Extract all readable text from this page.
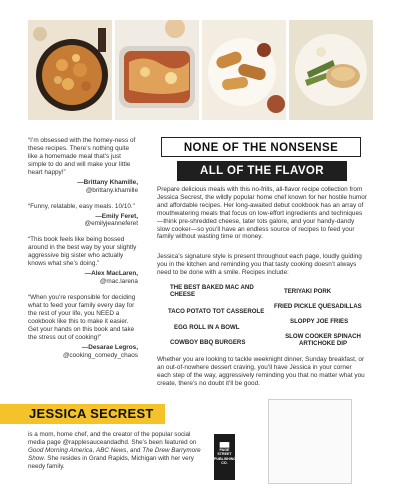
“I’m obsessed with the homey-ness of these recipes. There’s nothing quite like a homemade meal that’s just simple to do and will make your little heart happy!”

—Brittany Khamille,
@brittany.khamille

“Funny, relatable, easy meals. 10/10.”

—Emily Feret,
@emilyjeanneferet

“This book feels like being bossed around in the best way by your slightly aggressive big sister who actually knows what she’s doing.”

—Alex MacLaren,
@mac.larena

“When you’re responsible for deciding what to feed your family every day for the rest of your life, you NEED a cookbook like this to make it easier. Get your hands on this book and take the stress out of cooking!”

—Desarae Legros,
@cooking_comedy_chaos
NONE OF THE NONSENSE
ALL OF THE FLAVOR

Prepare delicious meals with this no-frills, all-flavor recipe collection from Jessica Secrest, the wildly popular home chef known for her hostile humor and affordable recipes. Her long-awaited debut cookbook has an array of mouthwatering meals that focus on low-effort ingredients and techniques—think pre-shredded cheese, tater tots galore, and your handy-dandy slow cooker—so you’ll have an endless source of recipes to feed your family without wasting time or money.

Jessica’s signature style is present throughout each page, loudly guiding you in the kitchen and reminding you that tasty cooking doesn’t always need to be done with a smile. Recipes include:

THE BEST BAKED MAC AND CHEESE	TERIYAKI PORK
TACO POTATO TOT CASSEROLE
FRIED PICKLE QUESADILLAS
EGG ROLL IN A BOWL
SLOPPY JOE FRIES
COWBOY BBQ BURGERS
SLOW COOKER SPINACH ARTICHOKE DIP

Whether you are looking to tackle weeknight dinner, Sunday breakfast, or an out-of-nowhere dessert craving, you’ll have Jessica in your corner each step of the way, aggressively reminding you that no matter what you create, there’s no doubt it’ll be good.

JESSICA SECREST

is a mom, home chef, and the creator of the popular social media page @rapplesauceandadhd. She’s been featured on Good Morning America, ABC News, and The Drew Barrymore Show. She resides in Grand Rapids, Michigan with her very needy family.

▆▆
PAGE STREET
PUBLISHING CO.
